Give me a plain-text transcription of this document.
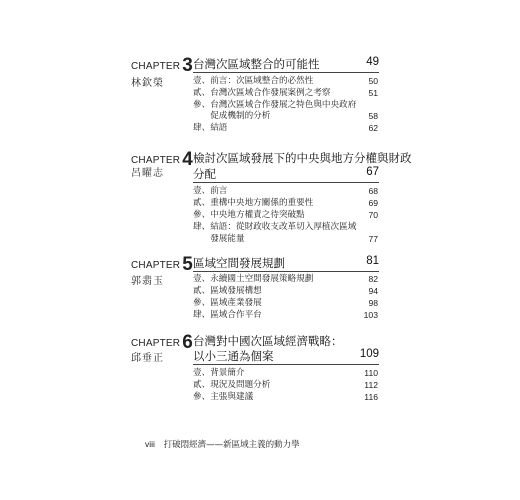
CHAPTER 3
林欽榮
台灣次區域整合的可能性	49
壹、前言：次區域整合的必然性	50
貳、台灣次區域合作發展案例之考察	51
參、台灣次區域合作發展之特色與中央政府
　　促成機制的分析	58
肆、結語	62
CHAPTER 4
呂曜志
檢討次區域發展下的中央與地方分權與財政
分配	67
壹、前言	68
貳、重構中央地方關係的重要性	69
參、中央地方權責之待突破點	70
肆、結語：從財政收支改革切入厚植次區域
　　發展能量	77
CHAPTER 5
郭翡玉
區域空間發展規劃	81
壹、永續國土空間發展策略規劃	82
貳、區域發展構想	94
參、區域產業發展	98
肆、區域合作平台	103
CHAPTER 6
邱垂正
台灣對中國次區域經濟戰略：
以小三通為個案	109
壹、背景簡介	110
貳、現況及問題分析	112
參、主張與建議	116
viii 打破悶經濟——新區域主義的動力學
